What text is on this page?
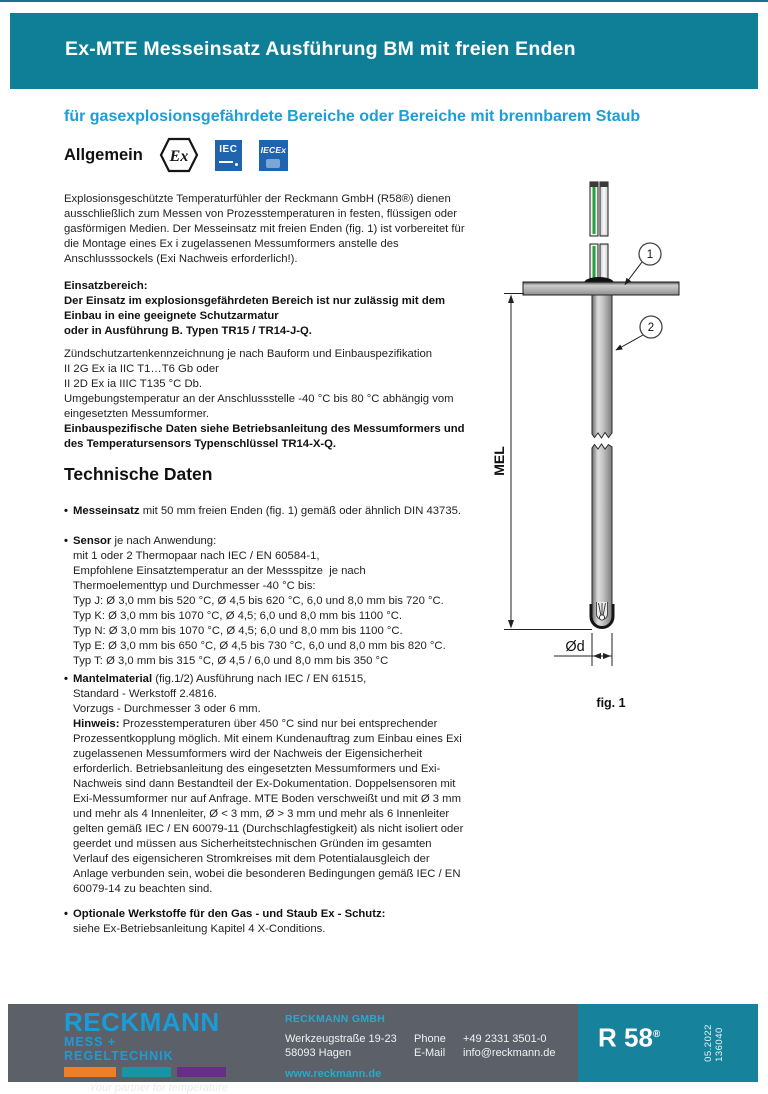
Ex-MTE Messeinsatz Ausführung BM mit freien Enden
für gasexplosionsgefährdete Bereiche oder Bereiche mit brennbarem Staub
Allgemein Ex	IEC	IECEx
Explosionsgeschützte Temperaturfühler der Reckmann GmbH (R58®) dienen
ausschließlich zum Messen von Prozesstemperaturen in festen, flüssigen oder
gasförmigen Medien. Der Messeinsatz mit freien Enden (fig. 1) ist vorbereitet für
die Montage eines Ex i zugelassenen Messumformers anstelle des
Anschlusssockels (Exi Nachweis erforderlich!).
Einsatzbereich:
Der Einsatz im explosionsgefährdeten Bereich ist nur zulässig mit dem
Einbau in eine geeignete Schutzarmatur
oder in Ausführung B. Typen TR15 / TR14-J-Q.
Zündschutzartenkennzeichnung je nach Bauform und Einbauspezifikation
II 2G Ex ia IIC T1…T6 Gb oder
II 2D Ex ia IIIC T135 °C Db.
Umgebungstemperatur an der Anschlussstelle -40 °C bis 80 °C abhängig vom
eingesetzten Messumformer.
Einbauspezifische Daten siehe Betriebsanleitung des Messumformers und
des Temperatursensors Typenschlüssel TR14-X-Q.
Technische Daten
• Messeinsatz mit 50 mm freien Enden (fig. 1) gemäß oder ähnlich DIN 43735.
• Sensor je nach Anwendung:
mit 1 oder 2 Thermopaar nach IEC / EN 60584-1,
Empfohlene Einsatztemperatur an der Messspitze  je nach
Thermoelementtyp und Durchmesser -40 °C bis:
Typ J: Ø 3,0 mm bis 520 °C, Ø 4,5 bis 620 °C, 6,0 und 8,0 mm bis 720 °C.
Typ K: Ø 3,0 mm bis 1070 °C, Ø 4,5; 6,0 und 8,0 mm bis 1100 °C.
Typ N: Ø 3,0 mm bis 1070 °C, Ø 4,5; 6,0 und 8,0 mm bis 1100 °C.
Typ E: Ø 3,0 mm bis 650 °C, Ø 4,5 bis 730 °C, 6,0 und 8,0 mm bis 820 °C.
Typ T: Ø 3,0 mm bis 315 °C, Ø 4,5 / 6,0 und 8,0 mm bis 350 °C
• Mantelmaterial (fig.1/2) Ausführung nach IEC / EN 61515,
Standard - Werkstoff 2.4816.
Vorzugs - Durchmesser 3 oder 6 mm.
Hinweis: Prozesstemperaturen über 450 °C sind nur bei entsprechender
Prozessentkopplung möglich. Mit einem Kundenauftrag zum Einbau eines Exi
zugelassenen Messumformers wird der Nachweis der Eigensicherheit
erforderlich. Betriebsanleitung des eingesetzten Messumformers und Exi-
Nachweis sind dann Bestandteil der Ex-Dokumentation. Doppelsensoren mit
Exi-Messumformer nur auf Anfrage. MTE Boden verschweißt und mit Ø 3 mm
und mehr als 4 Innenleiter, Ø < 3 mm, Ø > 3 mm und mehr als 6 Innenleiter
gelten gemäß IEC / EN 60079-11 (Durchschlagfestigkeit) als nicht isoliert oder
geerdet und müssen aus Sicherheitstechnischen Gründen im gesamten
Verlauf des eigensicheren Stromkreises mit dem Potentialausgleich der
Anlage verbunden sein, wobei die besonderen Bedingungen gemäß IEC / EN
60079-14 zu beachten sind.
• Optionale Werkstoffe für den Gas - und Staub Ex - Schutz:
siehe Ex-Betriebsanleitung Kapitel 4 X-Conditions.
MEL
Ød
1
2
fig. 1
RECKMANN
MESS + REGELTECHNIK
Your partner for temperature
RECKMANN GMBH
Werkzeugstraße 19-23	Phone	+49 2331 3501-0
58093 Hagen	E-Mail	info@reckmann.de
www.reckmann.de
R 58®	05.2022
136040
